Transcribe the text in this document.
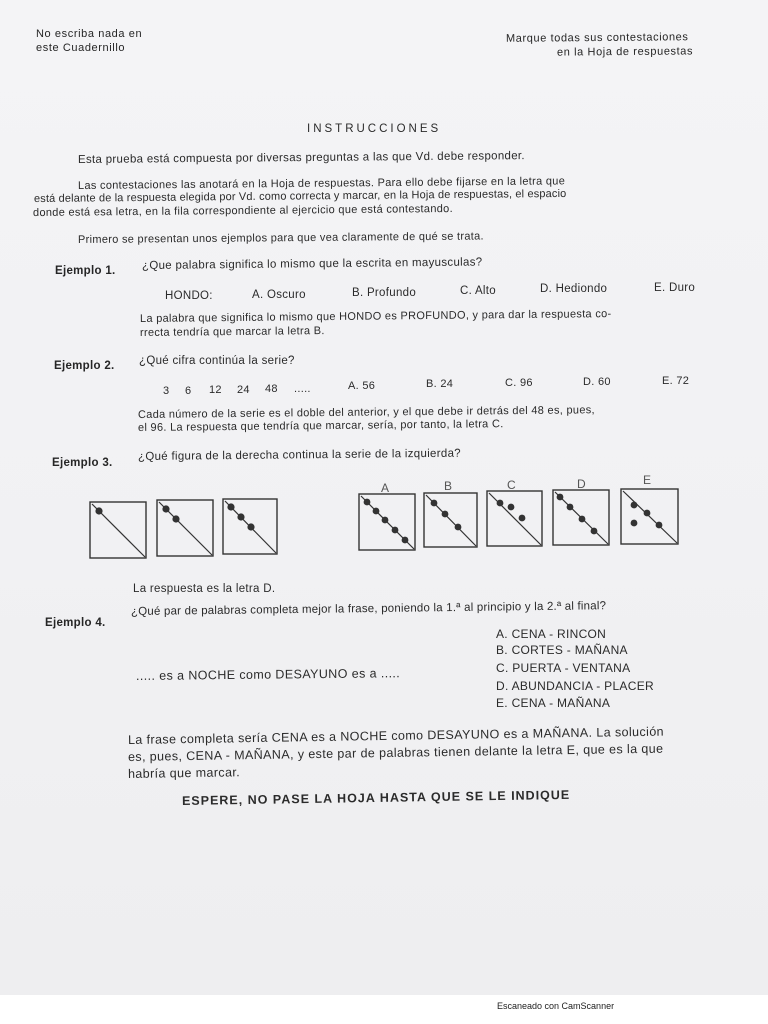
No escriba nada en
este Cuadernillo
Marque todas sus contestaciones
en la Hoja de respuestas
INSTRUCCIONES
Esta prueba está compuesta por diversas preguntas a las que Vd. debe responder.
Las contestaciones las anotará en la Hoja de respuestas. Para ello debe fijarse en la letra que
está delante de la respuesta elegida por Vd. como correcta y marcar, en la Hoja de respuestas, el espacio
donde está esa letra, en la fila correspondiente al ejercicio que está contestando.
Primero se presentan unos ejemplos para que vea claramente de qué se trata.
Ejemplo 1. ¿Que palabra significa lo mismo que la escrita en mayusculas?
HONDO:	A. Oscuro	B. Profundo	C. Alto	D. Hediondo	E. Duro
La palabra que significa lo mismo que HONDO es PROFUNDO, y para dar la respuesta co-
rrecta tendría que marcar la letra B.
Ejemplo 2. ¿Qué cifra continúa la serie?
3 6 12 24 48 .....	A. 56	B. 24	C. 96	D. 60	E. 72
Cada número de la serie es el doble del anterior, y el que debe ir detrás del 48 es, pues,
el 96. La respuesta que tendría que marcar, sería, por tanto, la letra C.
Ejemplo 3.
¿Qué figura de la derecha continua la serie de la izquierda?
A	B	C	D	E
La respuesta es la letra D.
Ejemplo 4.
¿Qué par de palabras completa mejor la frase, poniendo la 1.ª al principio y la 2.ª al final?
A. CENA - RINCON
B. CORTES - MAÑANA
C. PUERTA - VENTANA
D. ABUNDANCIA - PLACER
E. CENA - MAÑANA
..... es a NOCHE como DESAYUNO es a .....
La frase completa sería CENA es a NOCHE como DESAYUNO es a MAÑANA. La solución
es, pues, CENA - MAÑANA, y este par de palabras tienen delante la letra E, que es la que
habría que marcar.
ESPERE, NO PASE LA HOJA HASTA QUE SE LE INDIQUE
Escaneado con CamScanner
